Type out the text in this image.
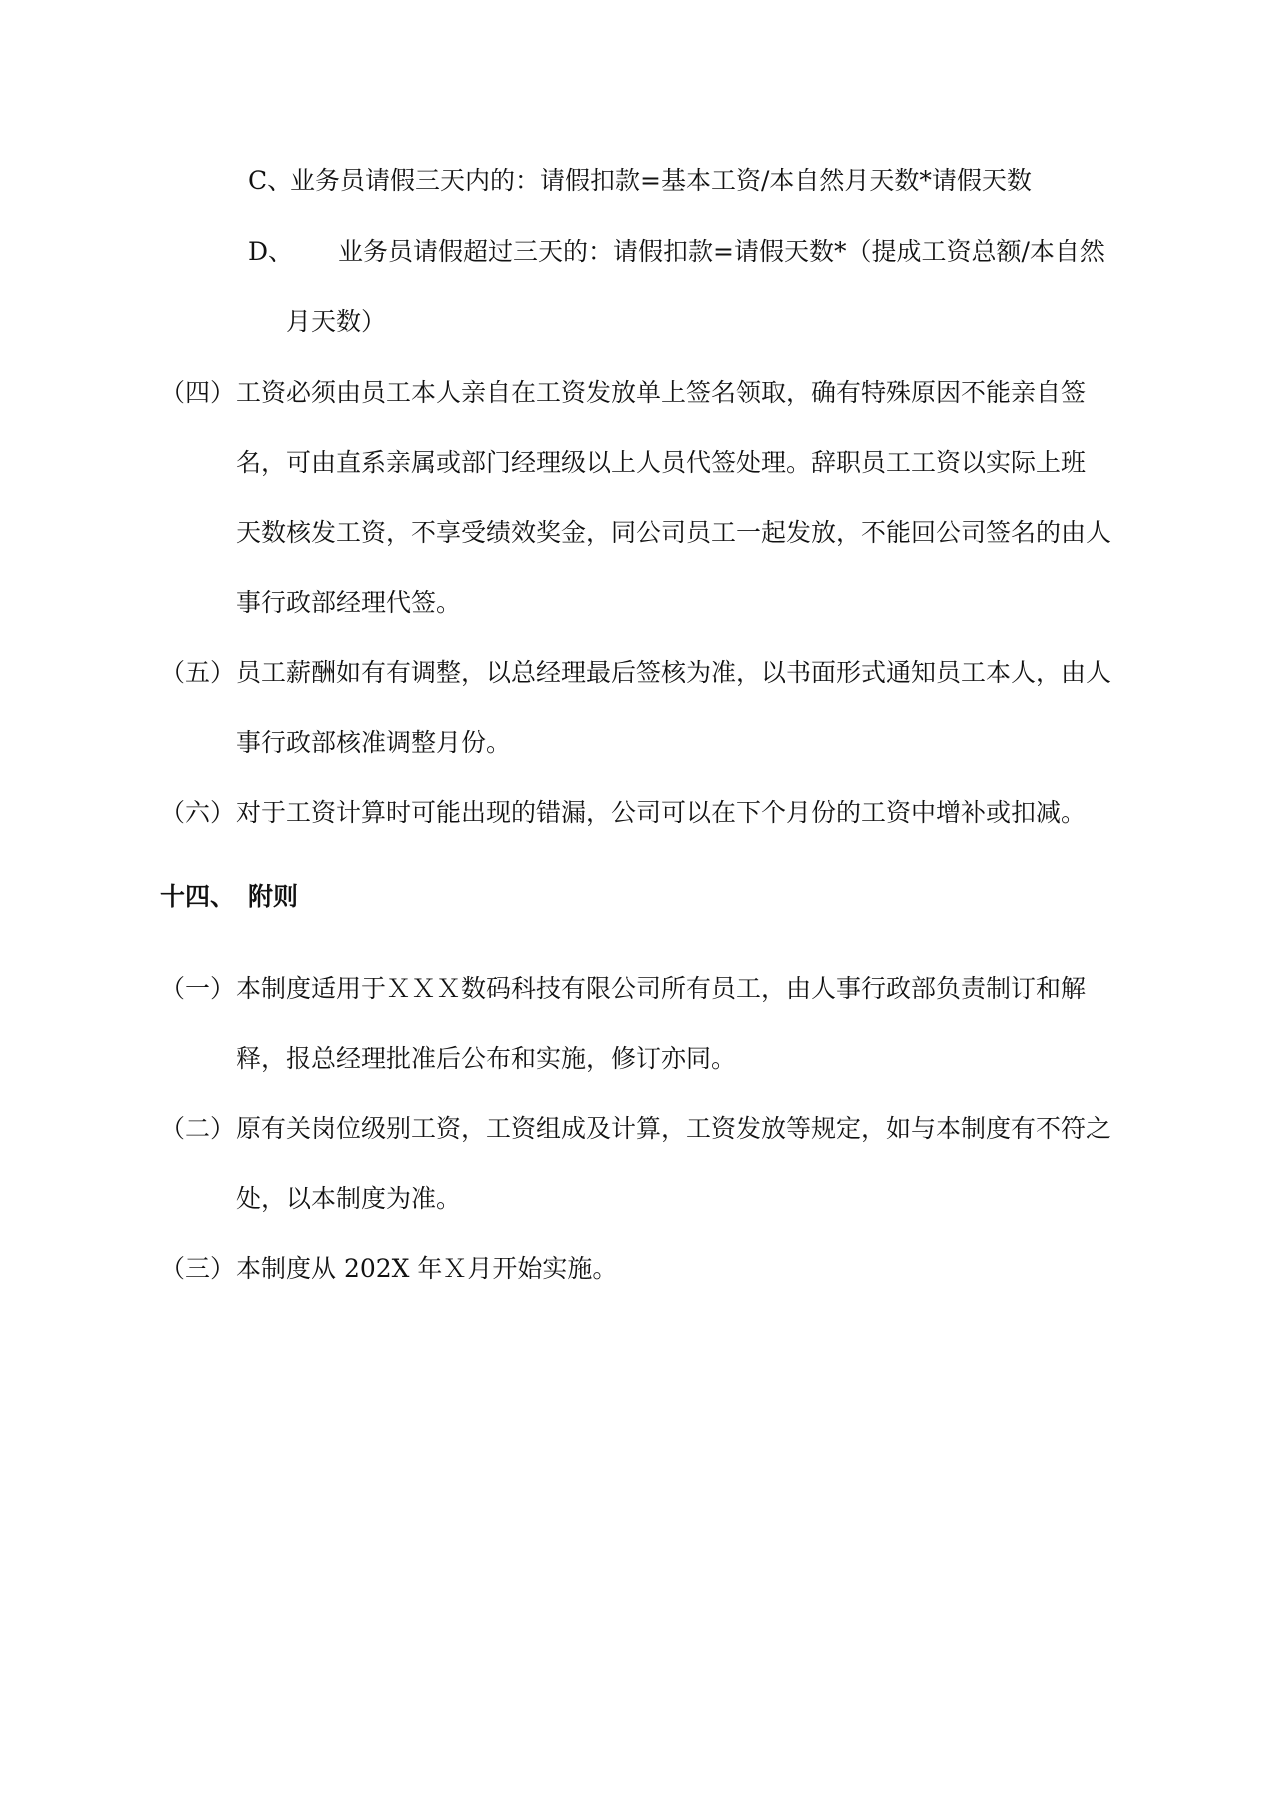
C、
业务员请假三天内的：请假扣款=基本工资/本自然月天数*请假天数
D、 业务员请假超过三天的：请假扣款=请假天数*（提成工资总额/本自然
月天数）
（四） 工资必须由员工本人亲自在工资发放单上签名领取，确有特殊原因不能亲自签
名，可由直系亲属或部门经理级以上人员代签处理。辞职员工工资以实际上班
天数核发工资，不享受绩效奖金，同公司员工一起发放，不能回公司签名的由人
事行政部经理代签。
（五） 员工薪酬如有有调整，以总经理最后签核为准，以书面形式通知员工本人，由人
事行政部核准调整月份。
（六） 对于工资计算时可能出现的错漏，公司可以在下个月份的工资中增补或扣减。
十四、 附则
（一） 本制度适用于ＸＸＸ数码科技有限公司所有员工，由人事行政部负责制订和解
释，报总经理批准后公布和实施，修订亦同。
（二） 原有关岗位级别工资，工资组成及计算，工资发放等规定，如与本制度有不符之
处，以本制度为准。
（三） 本制度从 202X 年Ｘ月开始实施。
